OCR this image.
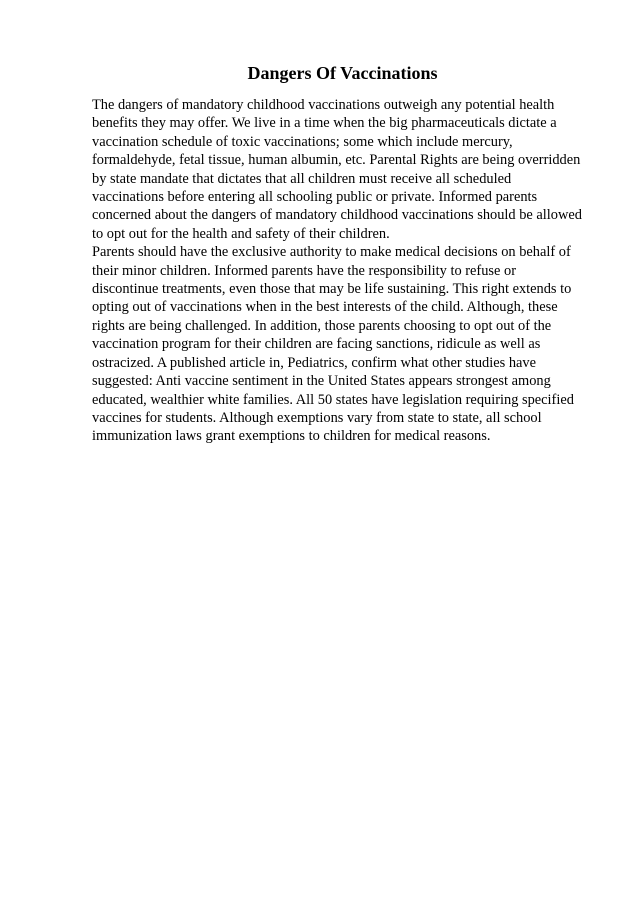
Dangers Of Vaccinations
The dangers of mandatory childhood vaccinations outweigh any potential health
benefits they may offer. We live in a time when the big pharmaceuticals dictate a
vaccination schedule of toxic vaccinations; some which include mercury,
formaldehyde, fetal tissue, human albumin, etc. Parental Rights are being overridden
by state mandate that dictates that all children must receive all scheduled
vaccinations before entering all schooling public or private. Informed parents
concerned about the dangers of mandatory childhood vaccinations should be allowed
to opt out for the health and safety of their children.
Parents should have the exclusive authority to make medical decisions on behalf of
their minor children. Informed parents have the responsibility to refuse or
discontinue treatments, even those that may be life sustaining. This right extends to
opting out of vaccinations when in the best interests of the child. Although, these
rights are being challenged. In addition, those parents choosing to opt out of the
vaccination program for their children are facing sanctions, ridicule as well as
ostracized. A published article in, Pediatrics, confirm what other studies have
suggested: Anti vaccine sentiment in the United States appears strongest among
educated, wealthier white families. All 50 states have legislation requiring specified
vaccines for students. Although exemptions vary from state to state, all school
immunization laws grant exemptions to children for medical reasons.
